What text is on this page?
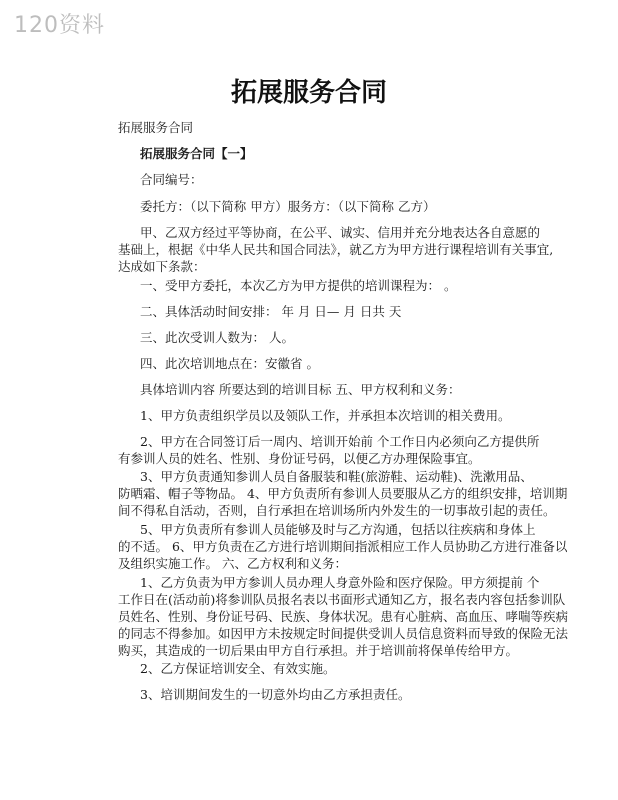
120资料
拓展服务合同
拓展服务合同
拓展服务合同【一】
合同编号：
委托方：（以下简称 甲方）服务方：（以下简称 乙方）
甲、乙双方经过平等协商，在公平、诚实、信用并充分地表达各自意愿的
基础上，根据《中华人民共和国合同法》，就乙方为甲方进行课程培训有关事宜,
达成如下条款：
一、受甲方委托，本次乙方为甲方提供的培训课程为： 。
二、具体活动时间安排： 年 月 日— 月 日共 天
三、此次受训人数为： 人。
四、此次培训地点在：安徽省 。
具体培训内容 所要达到的培训目标 五、甲方权利和义务：
1、甲方负责组织学员以及领队工作，并承担本次培训的相关费用。
2、甲方在合同签订后一周内、培训开始前 个工作日内必须向乙方提供所
有参训人员的姓名、性别、身份证号码，以便乙方办理保险事宜。
3、甲方负责通知参训人员自备服装和鞋(旅游鞋、运动鞋)、洗漱用品、
防晒霜、帽子等物品。 4、甲方负责所有参训人员要服从乙方的组织安排，培训期
间不得私自活动，否则，自行承担在培训场所内外发生的一切事故引起的责任。
5、甲方负责所有参训人员能够及时与乙方沟通，包括以往疾病和身体上
的不适。 6、甲方负责在乙方进行培训期间指派相应工作人员协助乙方进行准备以
及组织实施工作。 六、乙方权利和义务：
1、乙方负责为甲方参训人员办理人身意外险和医疗保险。甲方须提前 个
工作日在(活动前)将参训队员报名表以书面形式通知乙方，报名表内容包括参训队
员姓名、性别、身份证号码、民族、身体状况。患有心脏病、高血压、哮喘等疾病
的同志不得参加。如因甲方未按规定时间提供受训人员信息资料而导致的保险无法
购买，其造成的一切后果由甲方自行承担。并于培训前将保单传给甲方。
2、乙方保证培训安全、有效实施。
3、培训期间发生的一切意外均由乙方承担责任。
